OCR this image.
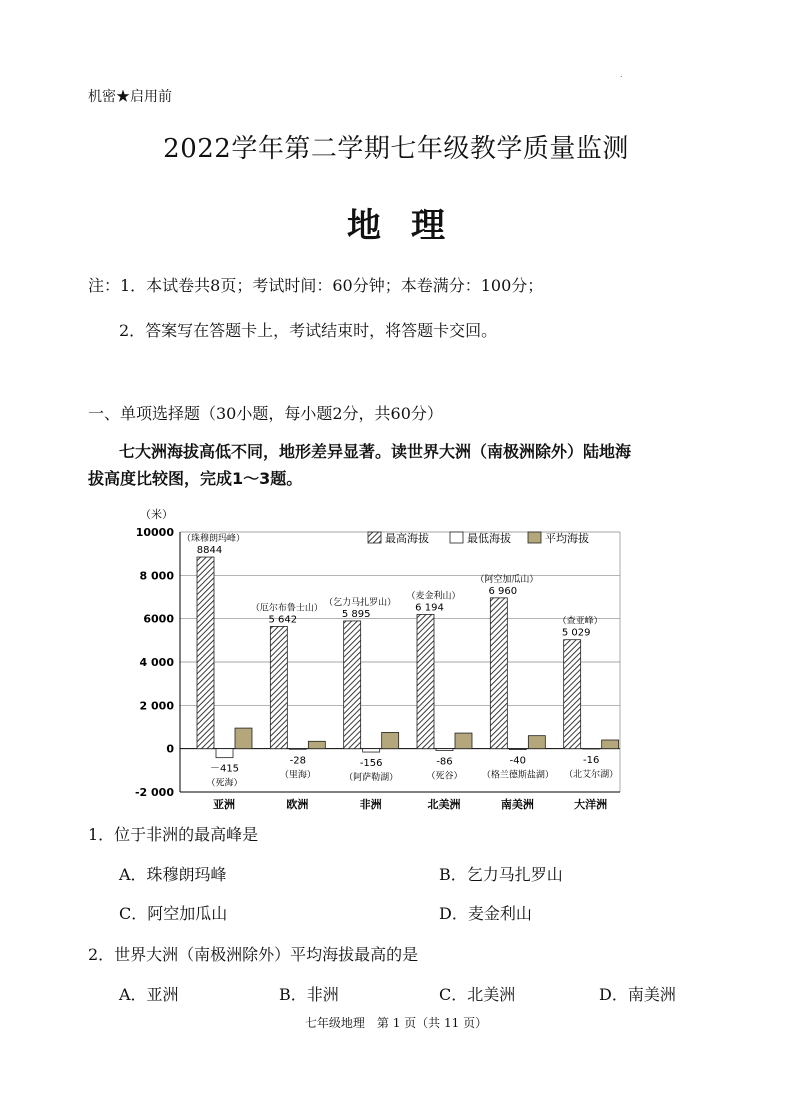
.
机密★启用前
2022学年第二学期七年级教学质量监测
地理
注：1．本试卷共8页；考试时间：60分钟；本卷满分：100分；
2．答案写在答题卡上，考试结束时，将答题卡交回。
一、单项选择题（30小题，每小题2分，共60分）
七大洲海拔高低不同，地形差异显著。读世界大洲（南极洲除外）陆地海
拔高度比较图，完成1～3题。
（米）
10000
8 000
6000
4 000
2 000
0
-2 000
8844
（珠穆朗玛峰）
－415
（死海）
亚洲
5 642
（厄尔布鲁士山）
-28
（里海）
欧洲
5 895
（乞力马扎罗山）
-156
（阿萨勒湖）
非洲
6 194
（麦金利山）
-86
（死谷）
北美洲
6 960
（阿空加瓜山）
-40
（格兰德斯盐湖）
南美洲
5 029
（查亚峰）
-16
（北艾尔湖）
大洋洲
最高海拔	最低海拔	平均海拔
1．位于非洲的最高峰是
A．珠穆朗玛峰	B．乞力马扎罗山
C．阿空加瓜山	D．麦金利山
2．世界大洲（南极洲除外）平均海拔最高的是
A．亚洲	B．非洲	C．北美洲	D．南美洲
七年级地理　第 1 页（共 11 页）
